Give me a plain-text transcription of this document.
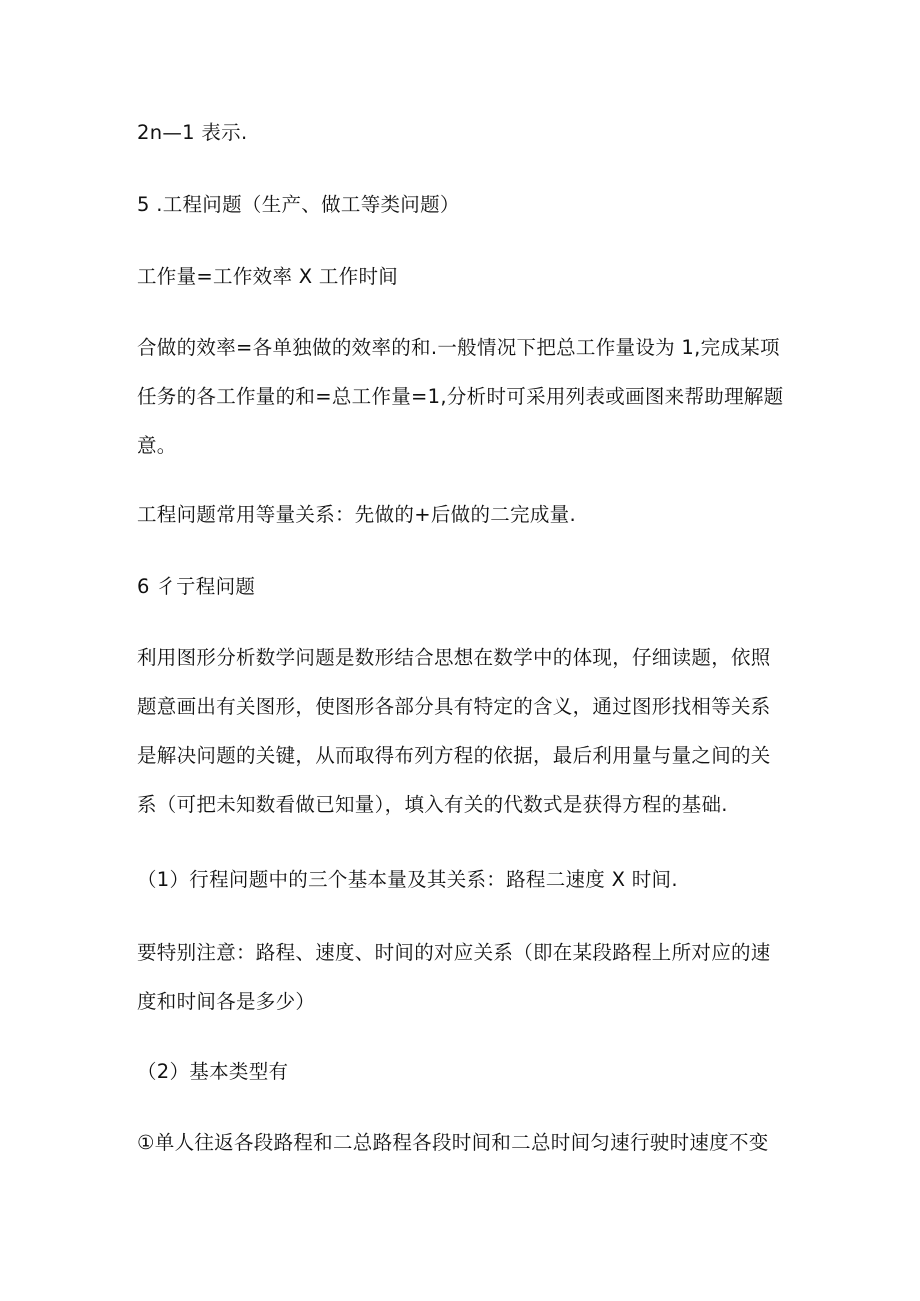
2n—1 表示.
5 .工程问题（生产、做工等类问题）
工作量=工作效率 X 工作时间
合做的效率=各单独做的效率的和.一般情况下把总工作量设为 1,完成某项
任务的各工作量的和=总工作量=1,分析时可采用列表或画图来帮助理解题
意。
工程问题常用等量关系：先做的+后做的二完成量.
6 彳亍程问题
利用图形分析数学问题是数形结合思想在数学中的体现，仔细读题，依照
题意画出有关图形，使图形各部分具有特定的含义，通过图形找相等关系
是解决问题的关键，从而取得布列方程的依据，最后利用量与量之间的关
系（可把未知数看做已知量），填入有关的代数式是获得方程的基础.
（1）行程问题中的三个基本量及其关系：路程二速度 X 时间.
要特别注意：路程、速度、时间的对应关系（即在某段路程上所对应的速
度和时间各是多少）
（2）基本类型有
①单人往返各段路程和二总路程各段时间和二总时间匀速行驶时速度不变
